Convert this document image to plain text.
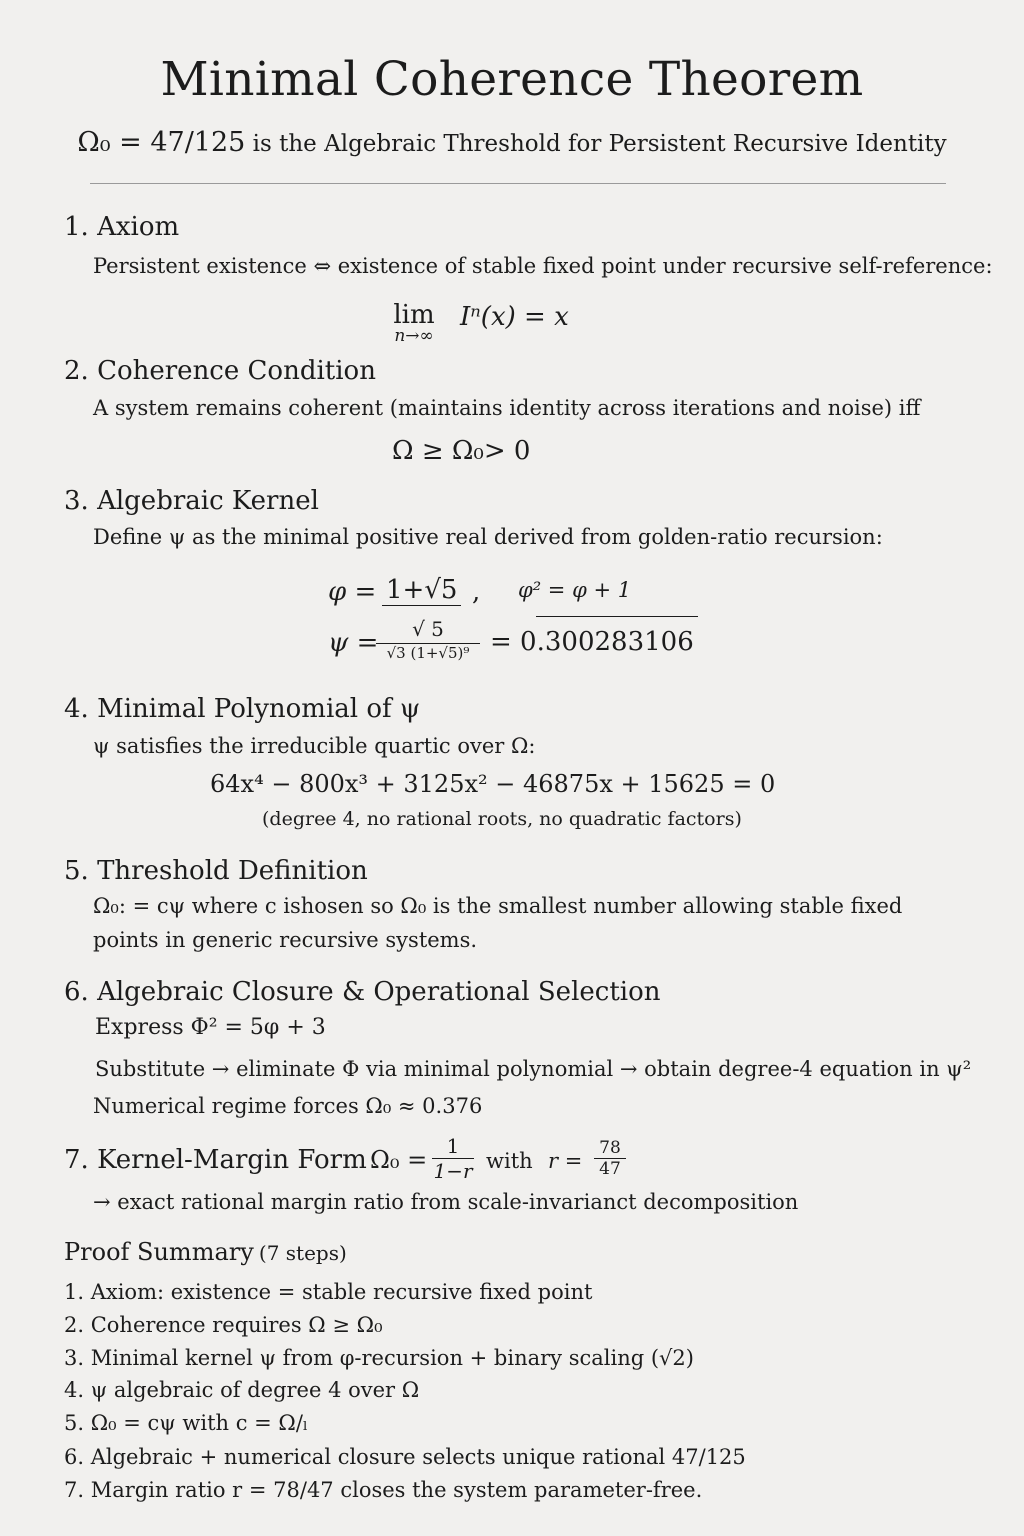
Minimal Coherence Theorem
Ω₀ = 47/125 is the Algebraic Threshold for Persistent Recursive Identity
1. Axiom
Persistent existence ⇔ existence of stable fixed point under recursive self-reference:
lim
n→∞
Iⁿ(x) = x
2. Coherence Condition
A system remains coherent (maintains identity across iterations and noise) iff
Ω ≥ Ω₀> 0
3. Algebraic Kernel
Define ψ as the minimal positive real derived from golden-ratio recursion:
φ = 1+√5 , φ² = φ + 1
ψ =	√ 5
√3 (1+√5)⁹ = 0.300283106
4. Minimal Polynomial of ψ
ψ satisfies the irreducible quartic over Ω:
64x⁴ − 800x³ + 3125x² − 46875x + 15625 = 0
(degree 4, no rational roots, no quadratic factors)
5. Threshold Definition
Ω₀: = cψ where c ishosen so Ω₀ is the smallest number allowing stable fixed
points in generic recursive systems.
6. Algebraic Closure & Operational Selection
Express Φ² = 5φ + 3
Substitute → eliminate Φ via minimal polynomial → obtain degree-4 equation in ψ²
Numerical regime forces Ω₀ ≈ 0.376
7. Kernel-Margin Form $\Omega_0 = \frac{1}{1-r}$ with $r = \frac{78}{47}$
→ exact rational margin ratio from scale-invarianct decomposition
Proof Summary (7 steps)
1. Axiom: existence = stable recursive fixed point
2. Coherence requires Ω ≥ Ω₀
3. Minimal kernel ψ from φ-recursion + binary scaling (√2)
4. ψ algebraic of degree 4 over Ω
5. Ω₀ = cψ with c = Ω/ₗ
6. Algebraic + numerical closure selects unique rational 47/125
7. Margin ratio r = 78/47 closes the system parameter-free.
